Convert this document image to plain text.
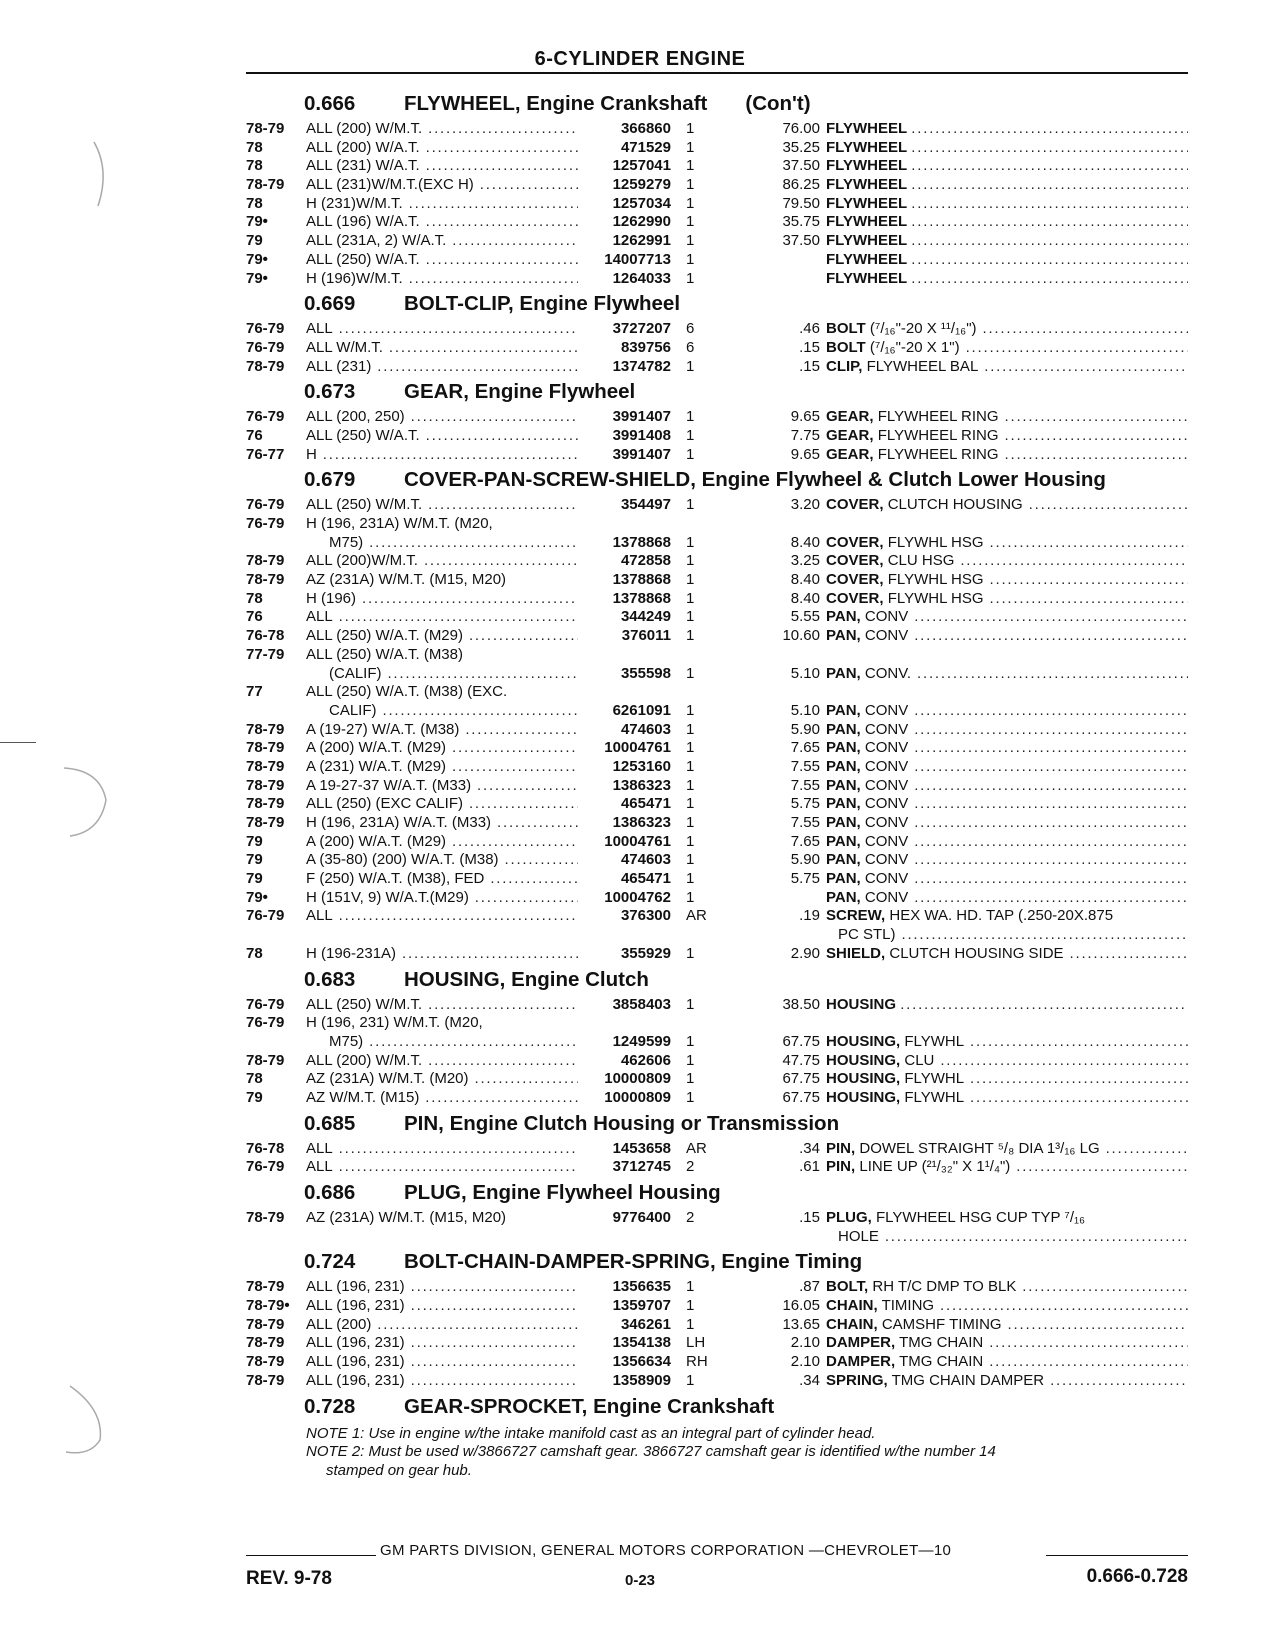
6-CYLINDER ENGINE
0.666 FLYWHEEL, Engine Crankshaft (Con't)
78-79	ALL (200) W/M.T. .....	366860 1	76.00 FLYWHEEL .....
78	ALL (200) W/A.T. .....	471529 1	35.25 FLYWHEEL .....
78	ALL (231) W/A.T. .....	1257041 1	37.50 FLYWHEEL .....
78-79	ALL (231)W/M.T.(EXC H) .....	1259279 1	86.25 FLYWHEEL .....
78	H (231)W/M.T. .....	1257034 1	79.50 FLYWHEEL .....
79•	ALL (196) W/A.T. .....	1262990 1	35.75 FLYWHEEL .....
79	ALL (231A, 2) W/A.T. .....	1262991 1	37.50 FLYWHEEL .....
79•	ALL (250) W/A.T. .....	14007713 1	FLYWHEEL .....
79•	H (196)W/M.T. .....	1264033 1	FLYWHEEL .....
0.669 BOLT-CLIP, Engine Flywheel
76-79	ALL .....	3727207 6	.46 BOLT (⁷/₁₆"-20 X ¹¹/₁₆") .....
76-79	ALL W/M.T. .....	839756 6	.15 BOLT (⁷/₁₆"-20 X 1") .....
78-79	ALL (231) .....	1374782 1	.15 CLIP, FLYWHEEL BAL .....
0.673 GEAR, Engine Flywheel
76-79	ALL (200, 250) .....	3991407 1	9.65 GEAR, FLYWHEEL RING .....
76	ALL (250) W/A.T. .....	3991408 1	7.75 GEAR, FLYWHEEL RING .....
76-77	H .....	3991407 1	9.65 GEAR, FLYWHEEL RING .....
0.679 COVER-PAN-SCREW-SHIELD, Engine Flywheel & Clutch Lower Housing
76-79	ALL (250) W/M.T. .....	354497 1	3.20 COVER, CLUTCH HOUSING .....
76-79	H (196, 231A) W/M.T. (M20,
M75) .....	1378868 1	8.40 COVER, FLYWHL HSG .....
78-79	ALL (200)W/M.T. .....	472858 1	3.25 COVER, CLU HSG .....
78-79	AZ (231A) W/M.T. (M15, M20)	1378868 1	8.40 COVER, FLYWHL HSG .....
78	H (196) .....	1378868 1	8.40 COVER, FLYWHL HSG .....
76	ALL .....	344249 1	5.55 PAN, CONV .....
76-78	ALL (250) W/A.T. (M29) .....	376011 1	10.60 PAN, CONV .....
77-79	ALL (250) W/A.T. (M38)
(CALIF) .....	355598 1	5.10 PAN, CONV. .....
77	ALL (250) W/A.T. (M38) (EXC.
CALIF) .....	6261091 1	5.10 PAN, CONV .....
78-79	A (19-27) W/A.T. (M38) .....	474603 1	5.90 PAN, CONV .....
78-79	A (200) W/A.T. (M29) .....	10004761 1	7.65 PAN, CONV .....
78-79	A (231) W/A.T. (M29) .....	1253160 1	7.55 PAN, CONV .....
78-79	A 19-27-37 W/A.T. (M33) .....	1386323 1	7.55 PAN, CONV .....
78-79	ALL (250) (EXC CALIF) .....	465471 1	5.75 PAN, CONV .....
78-79	H (196, 231A) W/A.T. (M33) .....	1386323 1	7.55 PAN, CONV .....
79	A (200) W/A.T. (M29) .....	10004761 1	7.65 PAN, CONV .....
79	A (35-80) (200) W/A.T. (M38) .....	474603 1	5.90 PAN, CONV .....
79	F (250) W/A.T. (M38), FED .....	465471 1	5.75 PAN, CONV .....
79•	H (151V, 9) W/A.T.(M29) .....	10004762 1	PAN, CONV .....
76-79	ALL .....	376300 AR	.19 SCREW, HEX WA. HD. TAP (.250-20X.875
PC STL) .....
78	H (196-231A) .....	355929 1	2.90 SHIELD, CLUTCH HOUSING SIDE .....
0.683 HOUSING, Engine Clutch
76-79	ALL (250) W/M.T. .....	3858403 1	38.50 HOUSING .....
76-79	H (196, 231) W/M.T. (M20,
M75) .....	1249599 1	67.75 HOUSING, FLYWHL .....
78-79	ALL (200) W/M.T. .....	462606 1	47.75 HOUSING, CLU .....
78	AZ (231A) W/M.T. (M20) .....	10000809 1	67.75 HOUSING, FLYWHL .....
79	AZ W/M.T. (M15) .....	10000809 1	67.75 HOUSING, FLYWHL .....
0.685 PIN, Engine Clutch Housing or Transmission
76-78	ALL .....	1453658 AR	.34 PIN, DOWEL STRAIGHT ⁵/₈ DIA 1³/₁₆ LG .....
76-79	ALL .....	3712745 2	.61 PIN, LINE UP (²¹/₃₂" X 1¹/₄") .....
0.686 PLUG, Engine Flywheel Housing
78-79	AZ (231A) W/M.T. (M15, M20)	9776400 2	.15 PLUG, FLYWHEEL HSG CUP TYP ⁷/₁₆
HOLE .....
0.724 BOLT-CHAIN-DAMPER-SPRING, Engine Timing
78-79	ALL (196, 231) .....	1356635 1	.87 BOLT, RH T/C DMP TO BLK .....
78-79•	ALL (196, 231) .....	1359707 1	16.05 CHAIN, TIMING .....
78-79	ALL (200) .....	346261 1	13.65 CHAIN, CAMSHF TIMING .....
78-79	ALL (196, 231) .....	1354138 LH	2.10 DAMPER, TMG CHAIN .....
78-79	ALL (196, 231) .....	1356634 RH	2.10 DAMPER, TMG CHAIN .....
78-79	ALL (196, 231) .....	1358909 1	.34 SPRING, TMG CHAIN DAMPER .....
0.728 GEAR-SPROCKET, Engine Crankshaft
NOTE 1: Use in engine w/the intake manifold cast as an integral part of cylinder head.
NOTE 2: Must be used w/3866727 camshaft gear. 3866727 camshaft gear is identified w/the number 14
stamped on gear hub.
GM PARTS DIVISION, GENERAL MOTORS CORPORATION —CHEVROLET—10
REV. 9-78	0-23	0.666-0.728
